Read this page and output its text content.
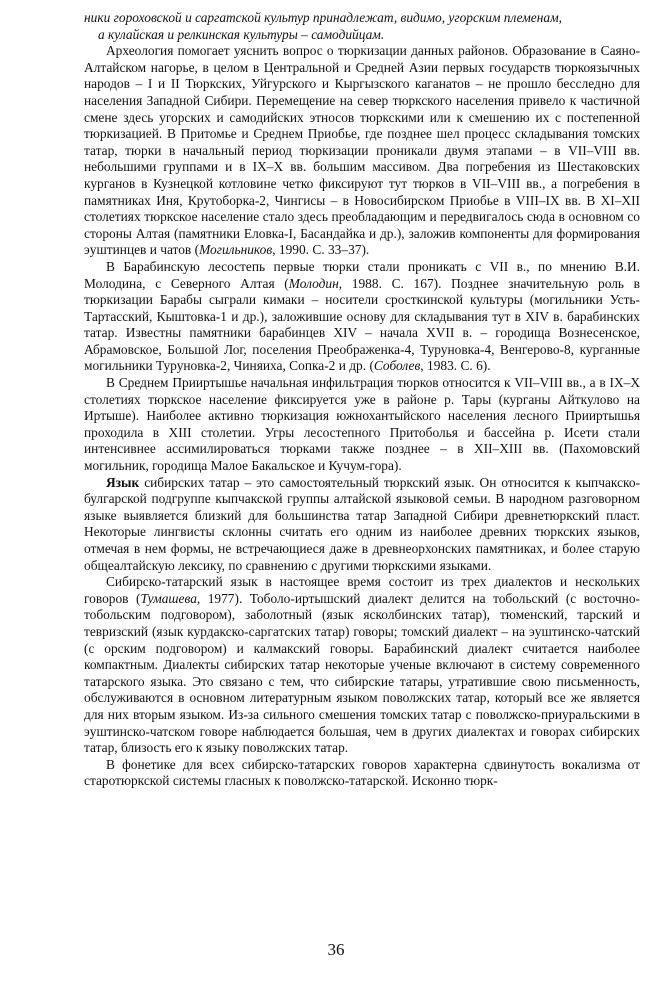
ники гороховской и саргатской культур принадлежат, видимо, угорским племенам,
а кулайская и релкинская культуры – самодийцам.

Археология помогает уяснить вопрос о тюркизации данных районов. Образование в Саяно-Алтайском нагорье, в целом в Центральной и Средней Азии первых государств тюркоязычных народов – I и II Тюркских, Уйгурского и Кыргызского каганатов – не прошло бесследно для населения Западной Сибири. Перемещение на север тюркского населения привело к частичной смене здесь угорских и самодийских этносов тюркскими или к смешению их с постепенной тюркизацией. В Притомье и Среднем Приобье, где позднее шел процесс складывания томских татар, тюрки в начальный период тюркизации проникали двумя этапами – в VII–VIII вв. небольшими группами и в IX–X вв. большим массивом. Два погребения из Шестаковских курганов в Кузнецкой котловине четко фиксируют тут тюрков в VII–VIII вв., а погребения в памятниках Иня, Крутоборка-2, Чингисы – в Новосибирском Приобье в VIII–IX вв. В XI–XII столетиях тюркское население стало здесь преобладающим и передвигалось сюда в основном со стороны Алтая (памятники Еловка-I, Басандайка и др.), заложив компоненты для формирования эуштинцев и чатов (Могильников, 1990. С. 33–37).

В Барабинскую лесостепь первые тюрки стали проникать с VII в., по мнению В.И. Молодина, с Северного Алтая (Молодин, 1988. С. 167). Позднее значительную роль в тюркизации Барабы сыграли кимаки – носители сросткинской культуры (могильники Усть-Тартасский, Кыштовка-1 и др.), заложившие основу для складывания тут в XIV в. барабинских татар. Известны памятники барабинцев XIV – начала XVII в. – городища Вознесенское, Абрамовское, Большой Лог, поселения Преображенка-4, Туруновка-4, Венгерово-8, курганные могильники Туруновка-2, Чиняиха, Сопка-2 и др. (Соболев, 1983. С. 6).

В Среднем Прииртышье начальная инфильтрация тюрков относится к VII–VIII вв., а в IX–X столетиях тюркское население фиксируется уже в районе р. Тары (курганы Айткулово на Иртыше). Наиболее активно тюркизация южнохантыйского населения лесного Прииртышья проходила в XIII столетии. Угры лесостепного Притоболья и бассейна р. Исети стали интенсивнее ассимилироваться тюрками также позднее – в XII–XIII вв. (Пахомовский могильник, городища Малое Бакальское и Кучум-гора).

Язык сибирских татар – это самостоятельный тюркский язык. Он относится к кыпчакско-булгарской подгруппе кыпчакской группы алтайской языковой семьи. В народном разговорном языке выявляется близкий для большинства татар Западной Сибири древнетюркский пласт. Некоторые лингвисты склонны считать его одним из наиболее древних тюркских языков, отмечая в нем формы, не встречающиеся даже в древнеорхонских памятниках, и более старую общеалтайскую лексику, по сравнению с другими тюркскими языками.

Сибирско-татарский язык в настоящее время состоит из трех диалектов и нескольких говоров (Тумашева, 1977). Тоболо-иртышский диалект делится на тобольский (с восточно-тобольским подговором), заболотный (язык ясколбинских татар), тюменский, тарский и тевризский (язык курдакско-саргатских татар) говоры; томский диалект – на эуштинско-чатский (с орским подговором) и калмакский говоры. Барабинский диалект считается наиболее компактным. Диалекты сибирских татар некоторые ученые включают в систему современного татарского языка. Это связано с тем, что сибирские татары, утратившие свою письменность, обслуживаются в основном литературным языком поволжских татар, который все же является для них вторым языком. Из-за сильного смешения томских татар с поволжско-приуральскими в эуштинско-чатском говоре наблюдается большая, чем в других диалектах и говорах сибирских татар, близость его к языку поволжских татар.

В фонетике для всех сибирско-татарских говоров характерна сдвинутость вокализма от старотюркской системы гласных к поволжско-татарской. Исконно тюрк-

36
